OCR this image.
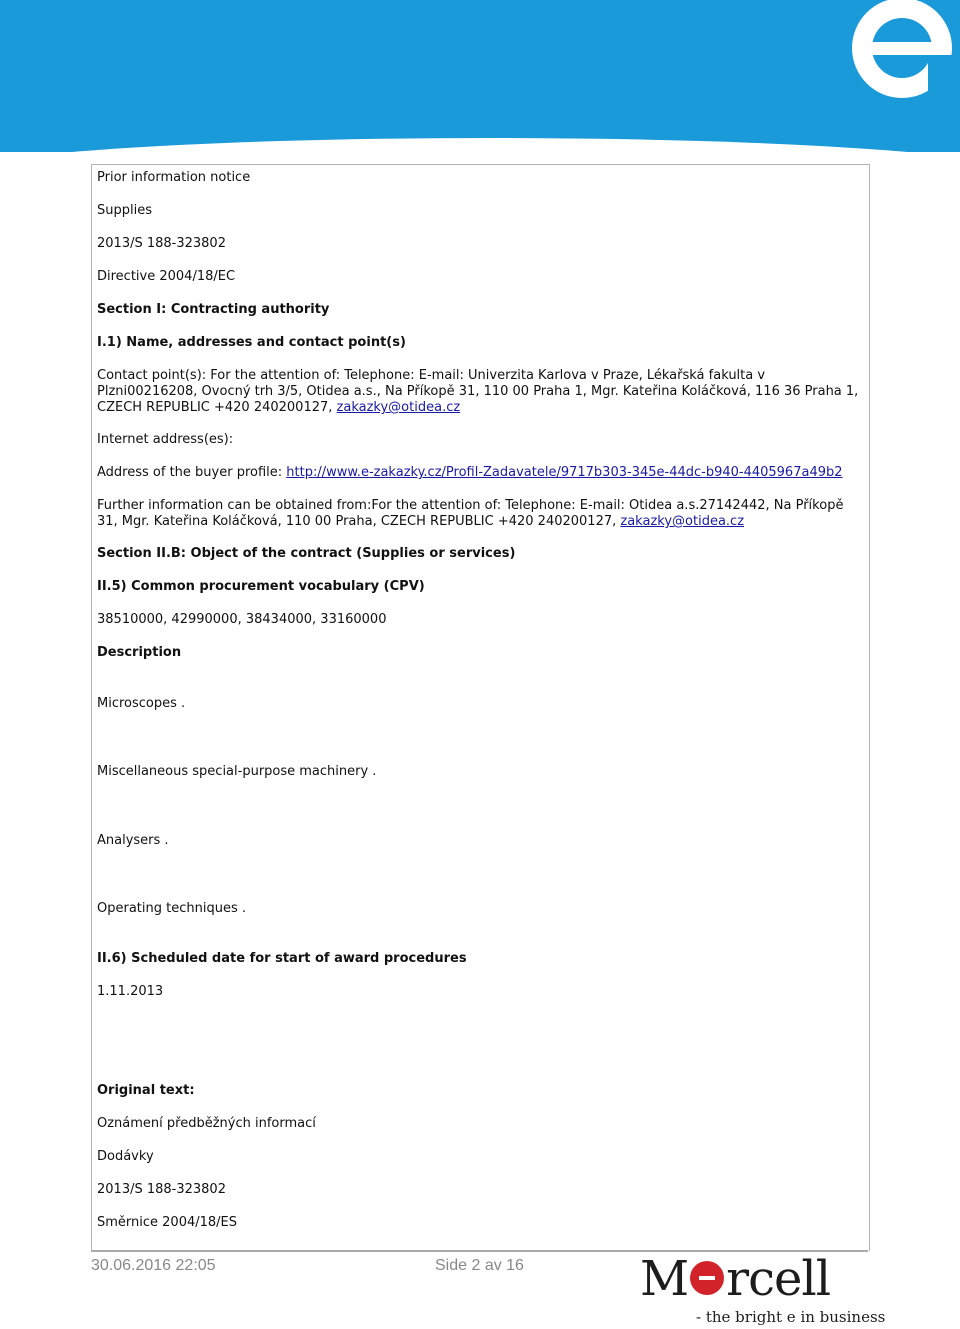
Prior information notice
Supplies
2013/S 188-323802
Directive 2004/18/EC
Section I: Contracting authority
I.1) Name, addresses and contact point(s)
Contact point(s): For the attention of: Telephone: E-mail: Univerzita Karlova v Praze, Lékařská fakulta v Plzni00216208, Ovocný trh 3/5, Otidea a.s., Na Příkopě 31, 110 00 Praha 1, Mgr. Kateřina Koláčková, 116 36 Praha 1, CZECH REPUBLIC +420 240200127, zakazky@otidea.cz
Internet address(es):
Address of the buyer profile: http://www.e-zakazky.cz/Profil-Zadavatele/9717b303-345e-44dc-b940-4405967a49b2
Further information can be obtained from:For the attention of: Telephone: E-mail: Otidea a.s.27142442, Na Příkopě 31, Mgr. Kateřina Koláčková, 110 00 Praha, CZECH REPUBLIC +420 240200127, zakazky@otidea.cz
Section II.B: Object of the contract (Supplies or services)
II.5) Common procurement vocabulary (CPV)
38510000, 42990000, 38434000, 33160000
Description
Microscopes .
Miscellaneous special-purpose machinery .
Analysers .
Operating techniques .
II.6) Scheduled date for start of award procedures
1.11.2013
Original text:
Oznámení předběžných informací
Dodávky
2013/S 188-323802
Směrnice 2004/18/ES
30.06.2016 22:05	Side 2 av 16 M rcell
- the bright e in business
